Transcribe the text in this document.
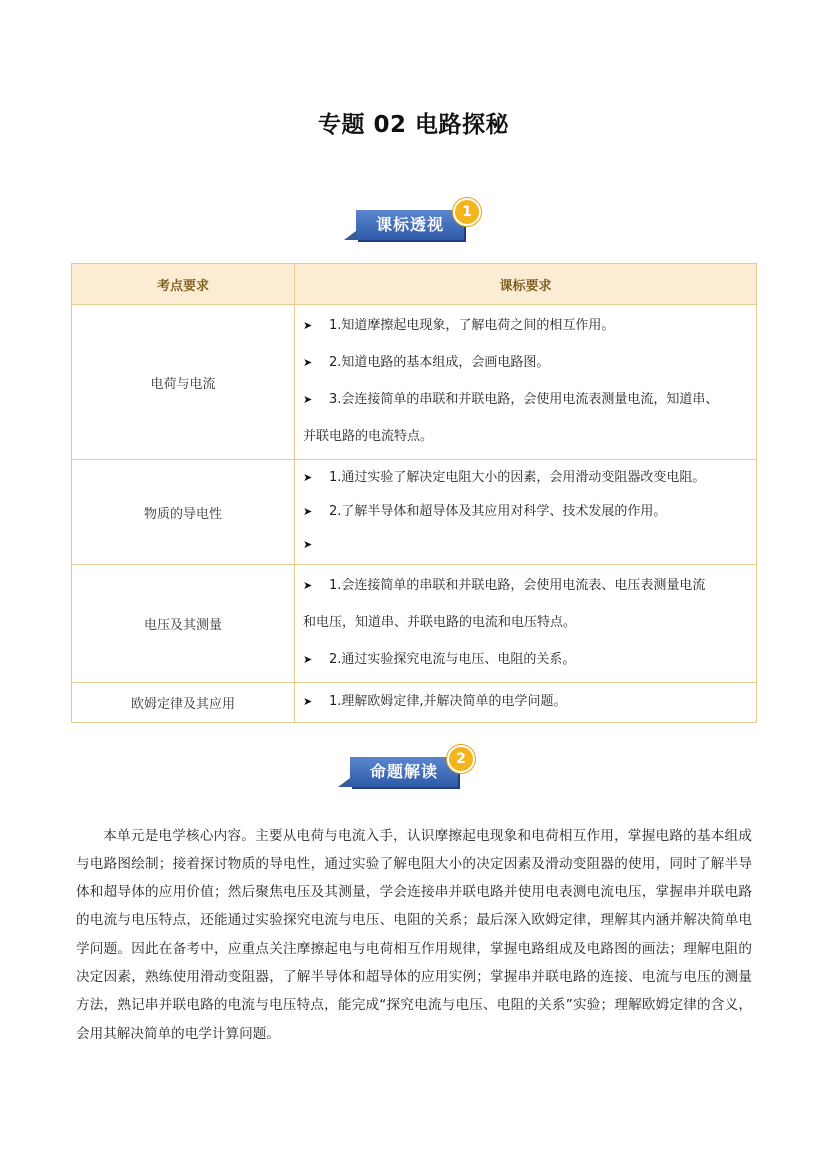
专题 02 电路探秘
课标透视
1
考点要求	课标要求
电荷与电流	➤ 1.知道摩擦起电现象，了解电荷之间的相互作用。
➤ 2.知道电路的基本组成，会画电路图。
➤ 3.会连接简单的串联和并联电路，会使用电流表测量电流，知道串、
并联电路的电流特点。

物质的导电性	➤ 1.通过实验了解决定电阻大小的因素，会用滑动变阻器改变电阻。
➤ 2.了解半导体和超导体及其应用对科学、技术发展的作用。
➤

电压及其测量	➤ 1.会连接简单的串联和并联电路，会使用电流表、电压表测量电流
和电压，知道串、并联电路的电流和电压特点。
➤ 2.通过实验探究电流与电压、电阻的关系。

欧姆定律及其应用	➤ 1.理解欧姆定律,并解决简单的电学问题。
命题解读
2

本单元是电学核心内容。主要从电荷与电流入手，认识摩擦起电现象和电荷相互作用，掌握电路的基本组成与电路图绘制；接着探讨物质的导电性，通过实验了解电阻大小的决定因素及滑动变阻器的使用，同时了解半导体和超导体的应用价值；然后聚焦电压及其测量，学会连接串并联电路并使用电表测电流电压，掌握串并联电路的电流与电压特点，还能通过实验探究电流与电压、电阻的关系；最后深入欧姆定律，理解其内涵并解决简单电学问题。因此在备考中，应重点关注摩擦起电与电荷相互作用规律，掌握电路组成及电路图的画法；理解电阻的决定因素，熟练使用滑动变阻器，了解半导体和超导体的应用实例；掌握串并联电路的连接、电流与电压的测量方法，熟记串并联电路的电流与电压特点，能完成“探究电流与电压、电阻的关系”实验；理解欧姆定律的含义，会用其解决简单的电学计算问题。
